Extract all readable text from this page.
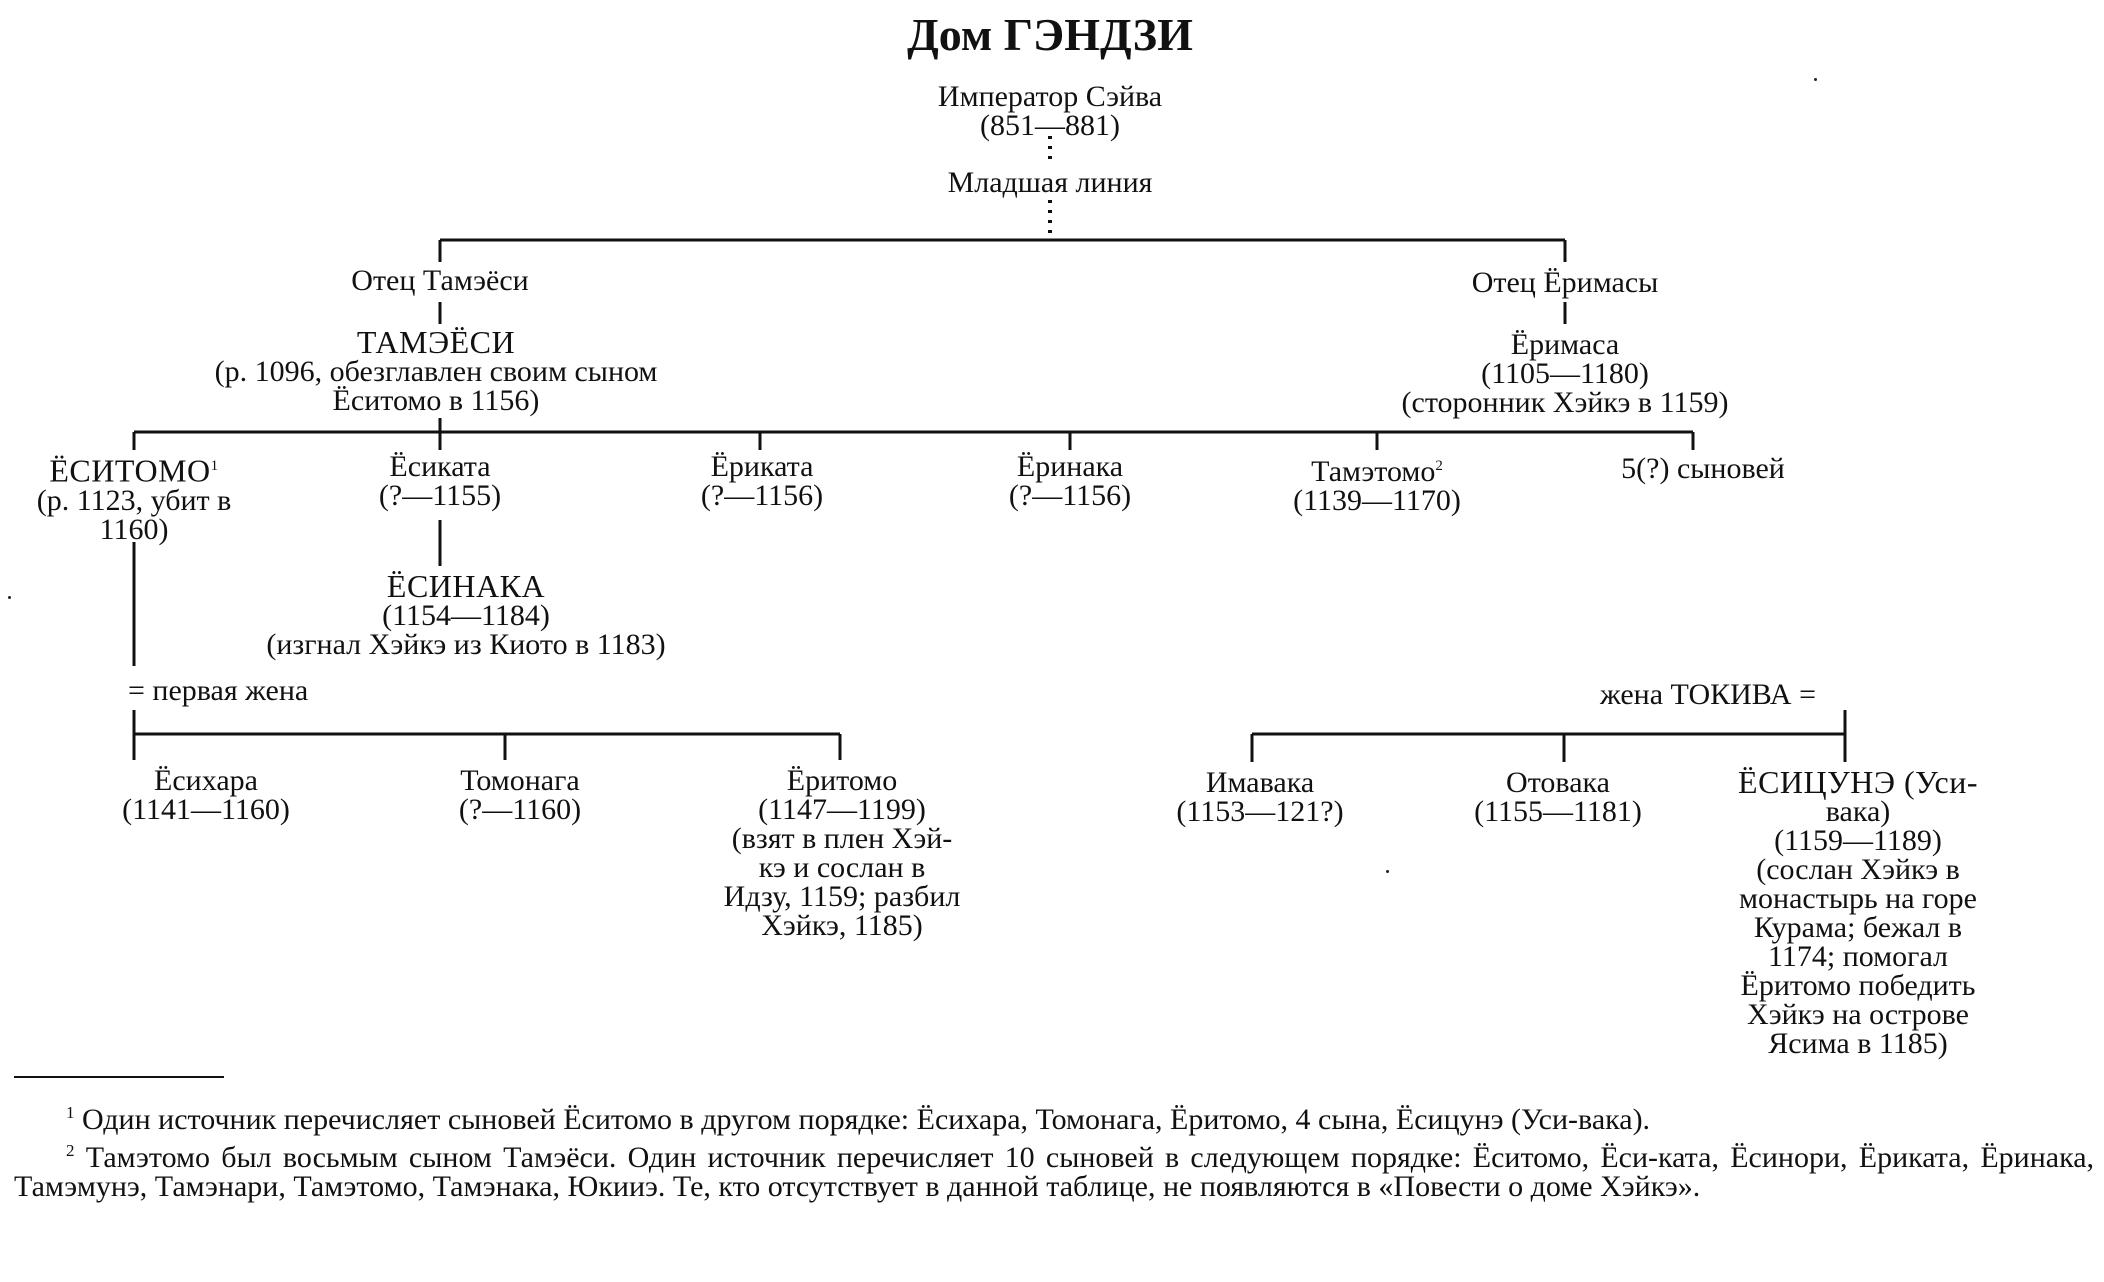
Дом ГЭНДЗИ
Император Сэйва
(851—881)
Младшая линия
Отец Тамэёси	Отец Ёримасы
ТАМЭЁСИ
(р. 1096, обезглавлен своим сыном
Ёситомо в 1156)
Ёримаса
(1105—1180)
(сторонник Хэйкэ в 1159)
ЁСИТОМО$^1$
(р. 1123, убит в
1160)
Ёсиката
(?—1155)
Ёриката
(?—1156)
Ёринака
(?—1156)
Тамэтомо$^2$
(1139—1170)
5(?) сыновей
ЁСИНАКА
(1154—1184)
(изгнал Хэйкэ из Киото в 1183)
= первая жена	жена ТОКИВА =
Ёсихара
(1141—1160)
Томонага
(?—1160)
Ёритомо
(1147—1199)
(взят в плен Хэй-
кэ и сослан в
Идзу, 1159; разбил
Хэйкэ, 1185)
Имавака
(1153—121?)
Отовака
(1155—1181)
ЁСИЦУНЭ (Уси-
вака)
(1159—1189)
(сослан Хэйкэ в
монастырь на горе
Курама; бежал в
1174; помогал
Ёритомо победить
Хэйкэ на острове
Ясима в 1185)

$^1$ Один источник перечисляет сыновей Ёситомо в другом порядке: Ёсихара, Томонага, Ёритомо, 4 сына, Ёсицунэ (Уси-вака).

$^2$ Тамэтомо был восьмым сыном Тамэёси. Один источник перечисляет 10 сыновей в следующем порядке: Ёситомо, Ёси-ката, Ёсинори, Ёриката, Ёринака, Тамэмунэ, Тамэнари, Тамэтомо, Тамэнака, Юкииэ. Те, кто отсутствует в данной таблице, не появляются в «Повести о доме Хэйкэ».
